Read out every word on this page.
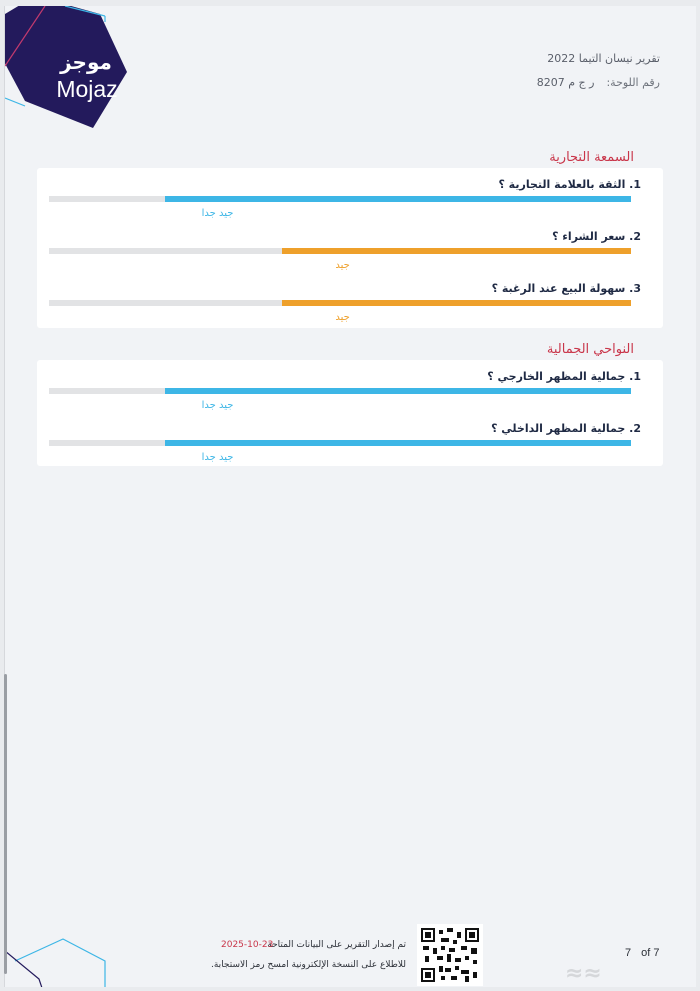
موجز
Mojaz
تقرير نيسان التيما 2022
رقم اللوحة:ر ج م 8207
السمعة التجارية
1. الثقة بالعلامة التجارية ؟
جيد جدا
2. سعر الشراء ؟
جيد
3. سهولة البيع عند الرغبة ؟
جيد
النواحي الجمالية
1. جمالية المظهر الخارجي ؟
جيد جدا
2. جمالية المظهر الداخلي ؟
جيد جدا
تم إصدار التقرير على البيانات المتاحة
2025-10-23
للاطلاع على النسخة الإلكترونية امسح رمز الاستجابة.
7 of 7
≈≈
